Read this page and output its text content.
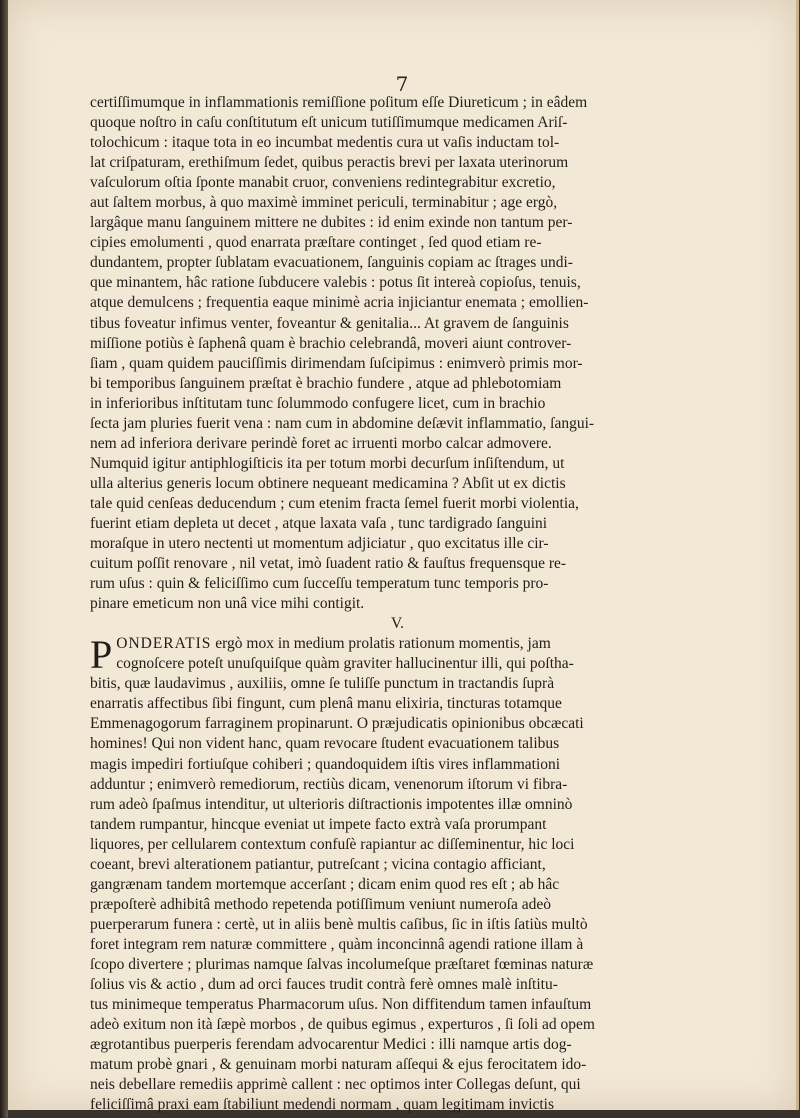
7
certiſſimumque in inflammationis remiſſione poſitum eſſe Diureticum ; in eâdem
quoque noſtro in caſu conſtitutum eſt unicum tutiſſimumque medicamen Ariſ-
tolochicum : itaque tota in eo incumbat medentis cura ut vaſis inductam tol-
lat criſpaturam, erethiſmum ſedet, quibus peractis brevi per laxata uterinorum
vaſculorum oſtia ſponte manabit cruor, conveniens redintegrabitur excretio,
aut ſaltem morbus, à quo maximè imminet periculi, terminabitur ; age ergò,
largâque manu ſanguinem mittere ne dubites : id enim exinde non tantum per-
cipies emolumenti , quod enarrata præſtare continget , ſed quod etiam re-
dundantem, propter ſublatam evacuationem, ſanguinis copiam ac ſtrages undi-
que minantem, hâc ratione ſubducere valebis : potus ſit intereà copioſus, tenuis,
atque demulcens ; frequentia eaque minimè acria injiciantur enemata ; emollien-
tibus foveatur infimus venter, foveantur & genitalia... At gravem de ſanguinis
miſſione potiùs è ſaphenâ quam è brachio celebrandâ, moveri aiunt controver-
ſiam , quam quidem pauciſſimis dirimendam ſuſcipimus : enimverò primis mor-
bi temporibus ſanguinem præſtat è brachio fundere , atque ad phlebotomiam
in inferioribus inſtitutam tunc ſolummodo confugere licet, cum in brachio
ſecta jam pluries fuerit vena : nam cum in abdomine deſævit inflammatio, ſangui-
nem ad inferiora derivare perindè foret ac irruenti morbo calcar admovere.
Numquid igitur antiphlogiſticis ita per totum morbi decurſum inſiſtendum, ut
ulla alterius generis locum obtinere nequeant medicamina ? Abſit ut ex dictis
tale quid cenſeas deducendum ; cum etenim fracta ſemel fuerit morbi violentia,
fuerint etiam depleta ut decet , atque laxata vaſa , tunc tardigrado ſanguini
moraſque in utero nectenti ut momentum adjiciatur , quo excitatus ille cir-
cuitum poſſit renovare , nil vetat, imò ſuadent ratio & fauſtus frequensque re-
rum uſus : quin & feliciſſimo cum ſucceſſu temperatum tunc temporis pro-
pinare emeticum non unâ vice mihi contigit.
V.
P ONDERATIS ergò mox in medium prolatis rationum momentis, jam
cognoſcere poteſt unuſquiſque quàm graviter hallucinentur illi, qui poſtha-
bitis, quæ laudavimus , auxiliis, omne ſe tuliſſe punctum in tractandis ſuprà
enarratis affectibus ſibi fingunt, cum plenâ manu elixiria, tincturas totamque
Emmenagogorum farraginem propinarunt. O præjudicatis opinionibus obcæcati
homines! Qui non vident hanc, quam revocare ſtudent evacuationem talibus
magis impediri fortiuſque cohiberi ; quandoquidem iſtis vires inflammationi
adduntur ; enimverò remediorum, rectiùs dicam, venenorum iſtorum vi fibra-
rum adeò ſpaſmus intenditur, ut ulterioris diſtractionis impotentes illæ omninò
tandem rumpantur, hincque eveniat ut impete facto extrà vaſa prorumpant
liquores, per cellularem contextum confuſè rapiantur ac diſſeminentur, hic loci
coeant, brevi alterationem patiantur, putreſcant ; vicina contagio afficiant,
gangrænam tandem mortemque accerſant ; dicam enim quod res eſt ; ab hâc
præpoſterè adhibitâ methodo repetenda potiſſimum veniunt numeroſa adeò
puerperarum funera : certè, ut in aliis benè multis caſibus, ſic in iſtis ſatiùs multò
foret integram rem naturæ committere , quàm inconcinnâ agendi ratione illam à
ſcopo divertere ; plurimas namque ſalvas incolumeſque præſtaret fœminas naturæ
ſolius vis & actio , dum ad orci fauces trudit contrà ferè omnes malè inſtitu-
tus minimeque temperatus Pharmacorum uſus. Non diffitendum tamen infauſtum
adeò exitum non ità ſæpè morbos , de quibus egimus , experturos , ſi ſoli ad opem
ægrotantibus puerperis ferendam advocarentur Medici : illi namque artis dog-
matum probè gnari , & genuinam morbi naturam aſſequi & ejus ferocitatem ido-
neis debellare remediis apprimè callent : nec optimos inter Collegas deſunt, qui
feliciſſimâ praxi eam ſtabiliunt medendi normam , quam legitimam invictis
